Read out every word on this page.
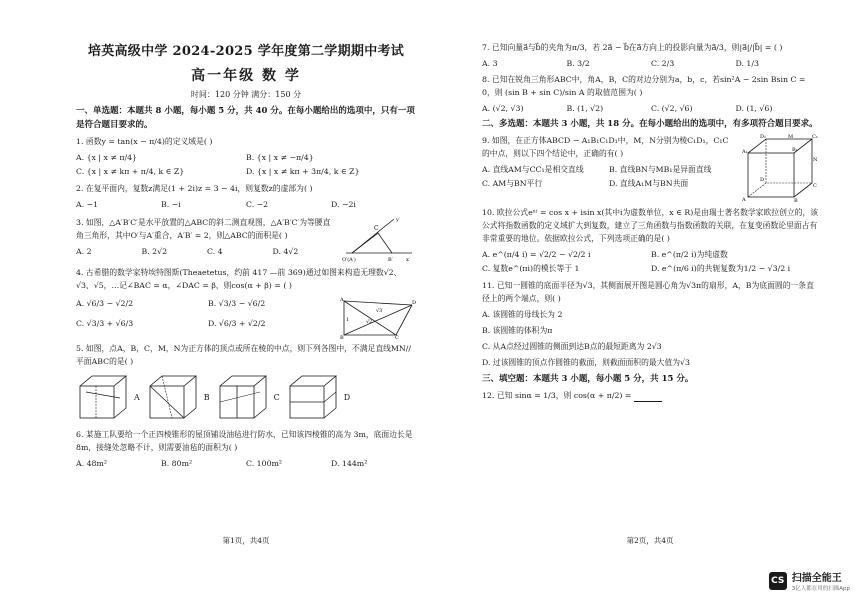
培英高级中学 2024-2025 学年度第二学期期中考试
高一年级 数 学
时间：120 分钟 满分：150 分
一、单选题：本题共 8 小题，每小题 5 分，共 40 分。在每小题给出的选项中，只有一项是符合题目要求的。
1. 函数y = tan(x − π/4)的定义域是( )
A. {x | x ≠ π/4}	B. {x | x ≠ −π/4}
C. {x | x ≠ kπ + π/4, k ∈ Z}	D. {x | x ≠ kπ + 3π/4, k ∈ Z}
2. 在复平面内，复数z满足(1 + 2i)z = 3 − 4i，则复数z的虚部为( )
A. −1	B. −i	C. −2	D. −2i
3. 如图，△A′B′C′是水平放置的△ABC的斜二测直观图，△A′B′C′为等腰直角三角形，其中O′与A′重合，A′B′ = 2，则△ABC的面积是( )
A. 2	B. 2√2	C. 4	D. 4√2
C
O′(A′)	B′	x′
y′
4. 古希腊的数学家特埃特图斯(Theaetetus，约前 417 —前 369)通过如图来构造无理数√2、√3、√5，…记∠BAC = α，∠DAC = β，则cos(α + β) = ( )
A. √6/3 − √2/2	B. √3/3 − √6/2
C. √3/3 + √6/3	D. √6/3 + √2/2
A
B	C
D
1	√2
√3
5. 如图，点A，B，C，M，N为正方体的顶点或所在棱的中点，则下列各图中，不满足直线MN//平面ABC的是( )
A	B	C	D
6. 某施工队要给一个正四棱锥形的屋顶铺设油毡进行防水，已知该四棱锥的高为 3m，底面边长是 8m，接缝处忽略不计，则需要油毡的面积为( )
A. 48m²	B. 80m²	C. 100m²	D. 144m²
第1页，共4页
7. 已知向量a⃗与b⃗的夹角为π/3，若 2a⃗ − b⃗在a⃗方向上的投影向量为a⃗/3，则|a⃗|/|b⃗| = ( )
A. 3	B. 3/2	C. 2/3	D. 1/3
8. 已知在锐角三角形ABC中，角A，B，C的对边分别为a，b，c，若sin²A − 2sin Bsin C = 0，则 (sin B + sin C)/sin A 的取值范围为( )
A. (√2, √3)	B. (1, √2)	C. (√2, √6)	D. (1, √6)
二、多选题：本题共 3 小题，共 18 分。在每小题给出的选项中，有多项符合题目要求。
9. 如图，在正方体ABCD − A₁B₁C₁D₁中，M，N分别为棱C₁D₁，C₁C的中点，则以下四个结论中，正确的有( )
A. 直线AM与CC₁是相交直线	B. 直线BN与MB₁是异面直线
C. AM与BN平行	D. 直线A₁M与BN共面
D₁
A₁	B₁
C₁
M
N
D
C
A	B
10. 欧拉公式eˣⁱ = cos x + isin x(其中i为虚数单位，x ∈ R)是由瑞士著名数学家欧拉创立的，该公式将指数函数的定义域扩大到复数，建立了三角函数与指数函数的关联，在复变函数论里面占有非常重要的地位。依据欧拉公式，下列选项正确的是( )
A. e^(π/4 i) = √2/2 − √2/2 i	B. e^(π/2 i)为纯虚数
C. 复数e^(πi)的模长等于 1	D. e^(π/6 i)的共轭复数为1/2 − √3/2 i
11. 已知一圆锥的底面半径为√3，其侧面展开图是圆心角为√3π的扇形，A，B为底面圆的一条直径上的两个端点，则( )
A. 该圆锥的母线长为 2
B. 该圆锥的体积为π
C. 从A点经过圆锥的侧面到达B点的最短距离为 2√3
D. 过该圆锥的顶点作圆锥的截面，则截面面积的最大值为√3
三、填空题：本题共 3 小题，每小题 5 分，共 15 分。
12. 已知 sinα = 1/3，则 cos(α + π/2) =
第2页，共4页
CS 扫描全能王
3亿人都在用的扫描App
